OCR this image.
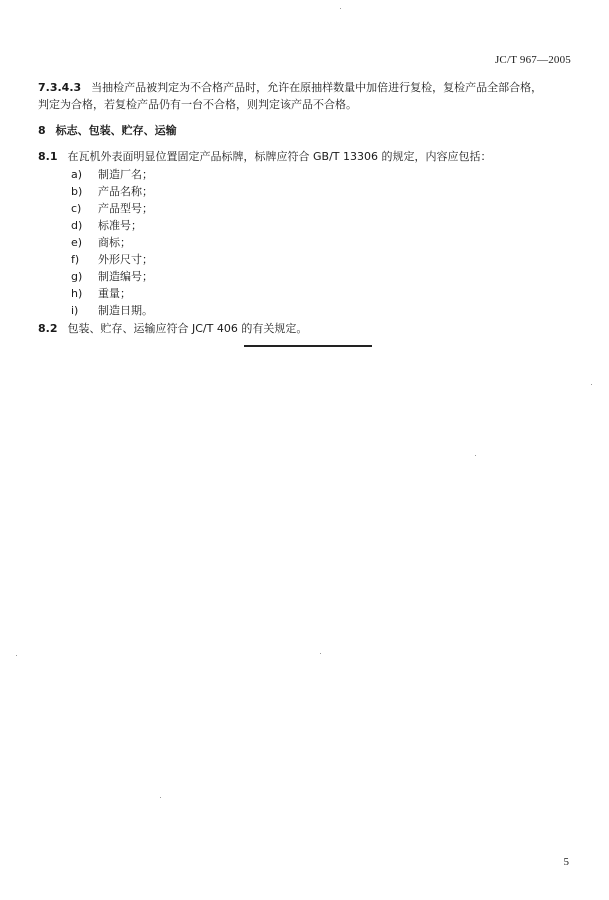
JC/T 967—2005
7.3.4.3 当抽检产品被判定为不合格产品时，允许在原抽样数量中加倍进行复检，复检产品全部合格，
判定为合格，若复检产品仍有一台不合格，则判定该产品不合格。
8 标志、包装、贮存、运输
8.1 在瓦机外表面明显位置固定产品标牌，标牌应符合 GB/T 13306 的规定，内容应包括：
a) 制造厂名；
b) 产品名称；
c) 产品型号；
d) 标准号；
e) 商标；
f) 外形尺寸；
g) 制造编号；
h) 重量；
i) 制造日期。
8.2 包装、贮存、运输应符合 JC/T 406 的有关规定。
5
